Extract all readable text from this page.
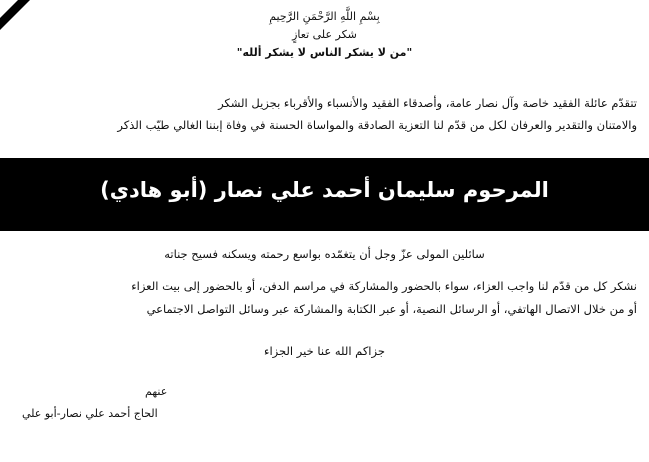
بِسْمِ اللَّهِ الرَّحْمَنِ الرَّحِيمِ
شكر على تعازٍ
"من لا يشكر الناس لا يشكر ألله"
تتقدّم عائلة الفقيد خاصة وآل نصار عامة، وأصدقاء الفقيد والأنسباء والأقرباء بجزيل الشكر
والامتنان والتقدير والعرفان لكل من قدّم لنا التعزية الصادقة والمواساة الحسنة في وفاة إبننا الغالي طيّب الذكر
المرحوم سليمان أحمد علي نصار (أبو هادي)
سائلين المولى عزّ وجل أن يتغمّده بواسع رحمته ويسكنه فسيح جناته
نشكر كل من قدّم لنا واجب العزاء، سواء بالحضور والمشاركة في مراسم الدفن، أو بالحضور إلى بيت العزاء
أو من خلال الاتصال الهاتفي، أو الرسائل النصية، أو عبر الكتابة والمشاركة عبر وسائل التواصل الاجتماعي
جزاكم الله عنا خير الجزاء
عنهم
الحاج أحمد علي نصار-أبو علي
